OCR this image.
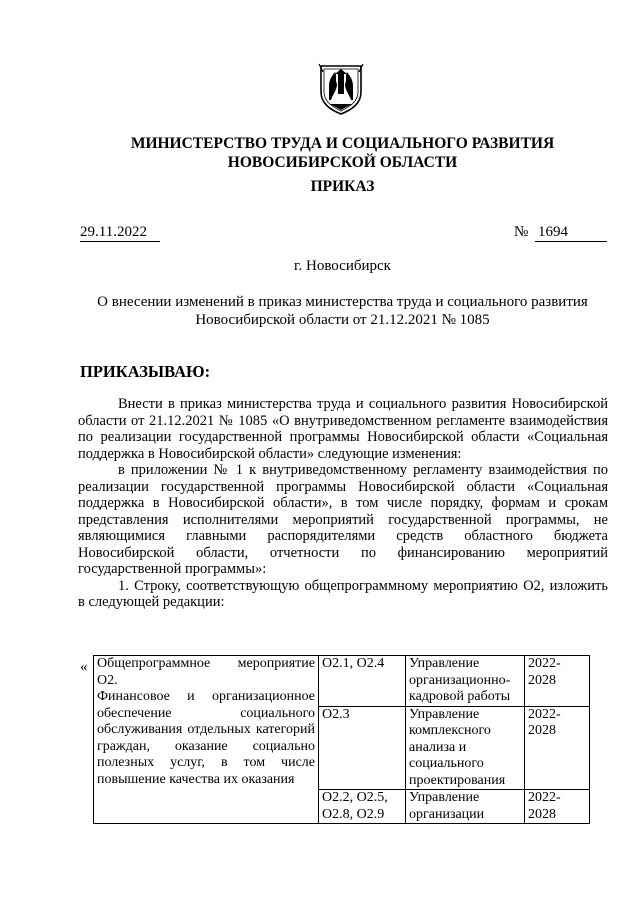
МИНИСТЕРСТВО ТРУДА И СОЦИАЛЬНОГО РАЗВИТИЯ
НОВОСИБИРСКОЙ ОБЛАСТИ
ПРИКАЗ
29.11.2022	№ 1694
г. Новосибирск
О внесении изменений в приказ министерства труда и социального развития
Новосибирской области от 21.12.2021 № 1085
ПРИКАЗЫВАЮ:

Внести в приказ министерства труда и социального развития Новосибирской области от 21.12.2021 № 1085 «О внутриведомственном регламенте взаимодействия по реализации государственной программы Новосибирской области «Социальная поддержка в Новосибирской области» следующие изменения:

в приложении № 1 к внутриведомственному регламенту взаимодействия по реализации государственной программы Новосибирской области «Социальная поддержка в Новосибирской области», в том числе порядку, формам и срокам представления исполнителями мероприятий государственной программы, не являющимися главными распорядителями средств областного бюджета Новосибирской области, отчетности по финансированию мероприятий государственной программы»:

1. Строку, соответствующую общепрограммному мероприятию О2, изложить в следующей редакции:

« Общепрограммное мероприятие О2.
Финансовое и организационное обеспечение социального обслуживания отдельных категорий граждан, оказание социально полезных услуг, в том числе повышение качества их оказания	О2.1, О2.4	Управление организационно-кадровой работы	2022-2028
	О2.3	Управление комплексного анализа и социального проектирования	2022-2028
	О2.2, О2.5, О2.8, О2.9	Управление организации	2022-2028
